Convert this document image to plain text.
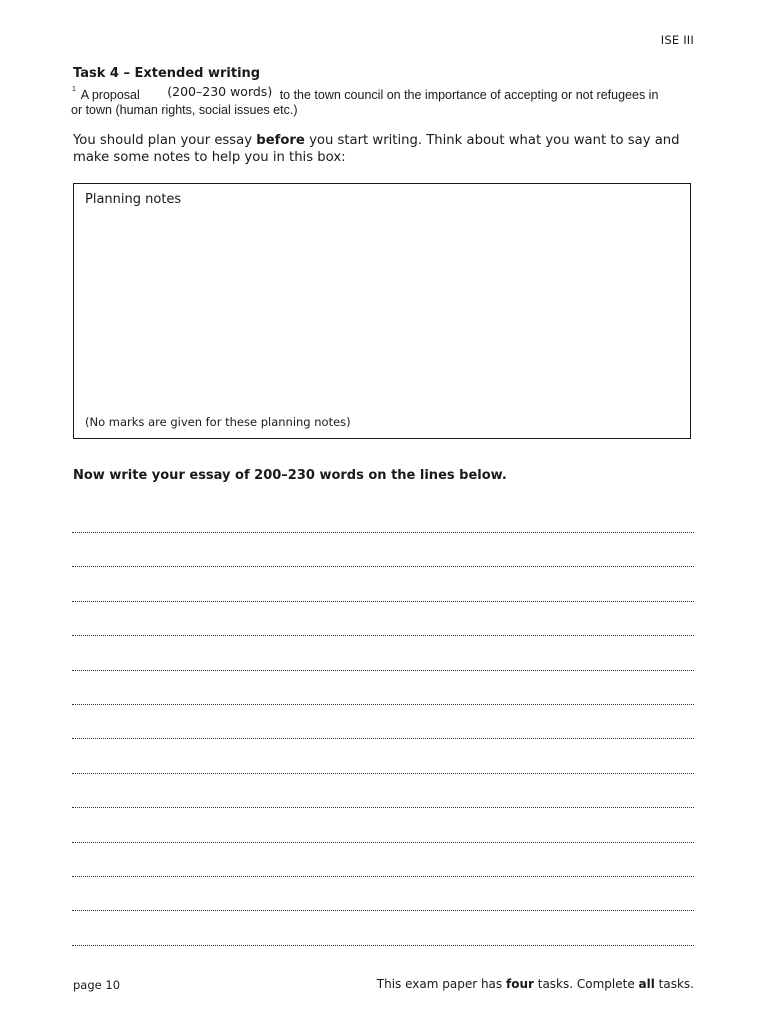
ISE III
Task 4 – Extended writing
$^1$ A proposal (200–230 words) to the town council on the importance of accepting or not refugees in
or town (human rights, social issues etc.)
You should plan your essay before you start writing. Think about what you want to say and make some notes to help you in this box:
Planning notes
(No marks are given for these planning notes)
Now write your essay of 200–230 words on the lines below.
page 10	This exam paper has four tasks. Complete all tasks.
